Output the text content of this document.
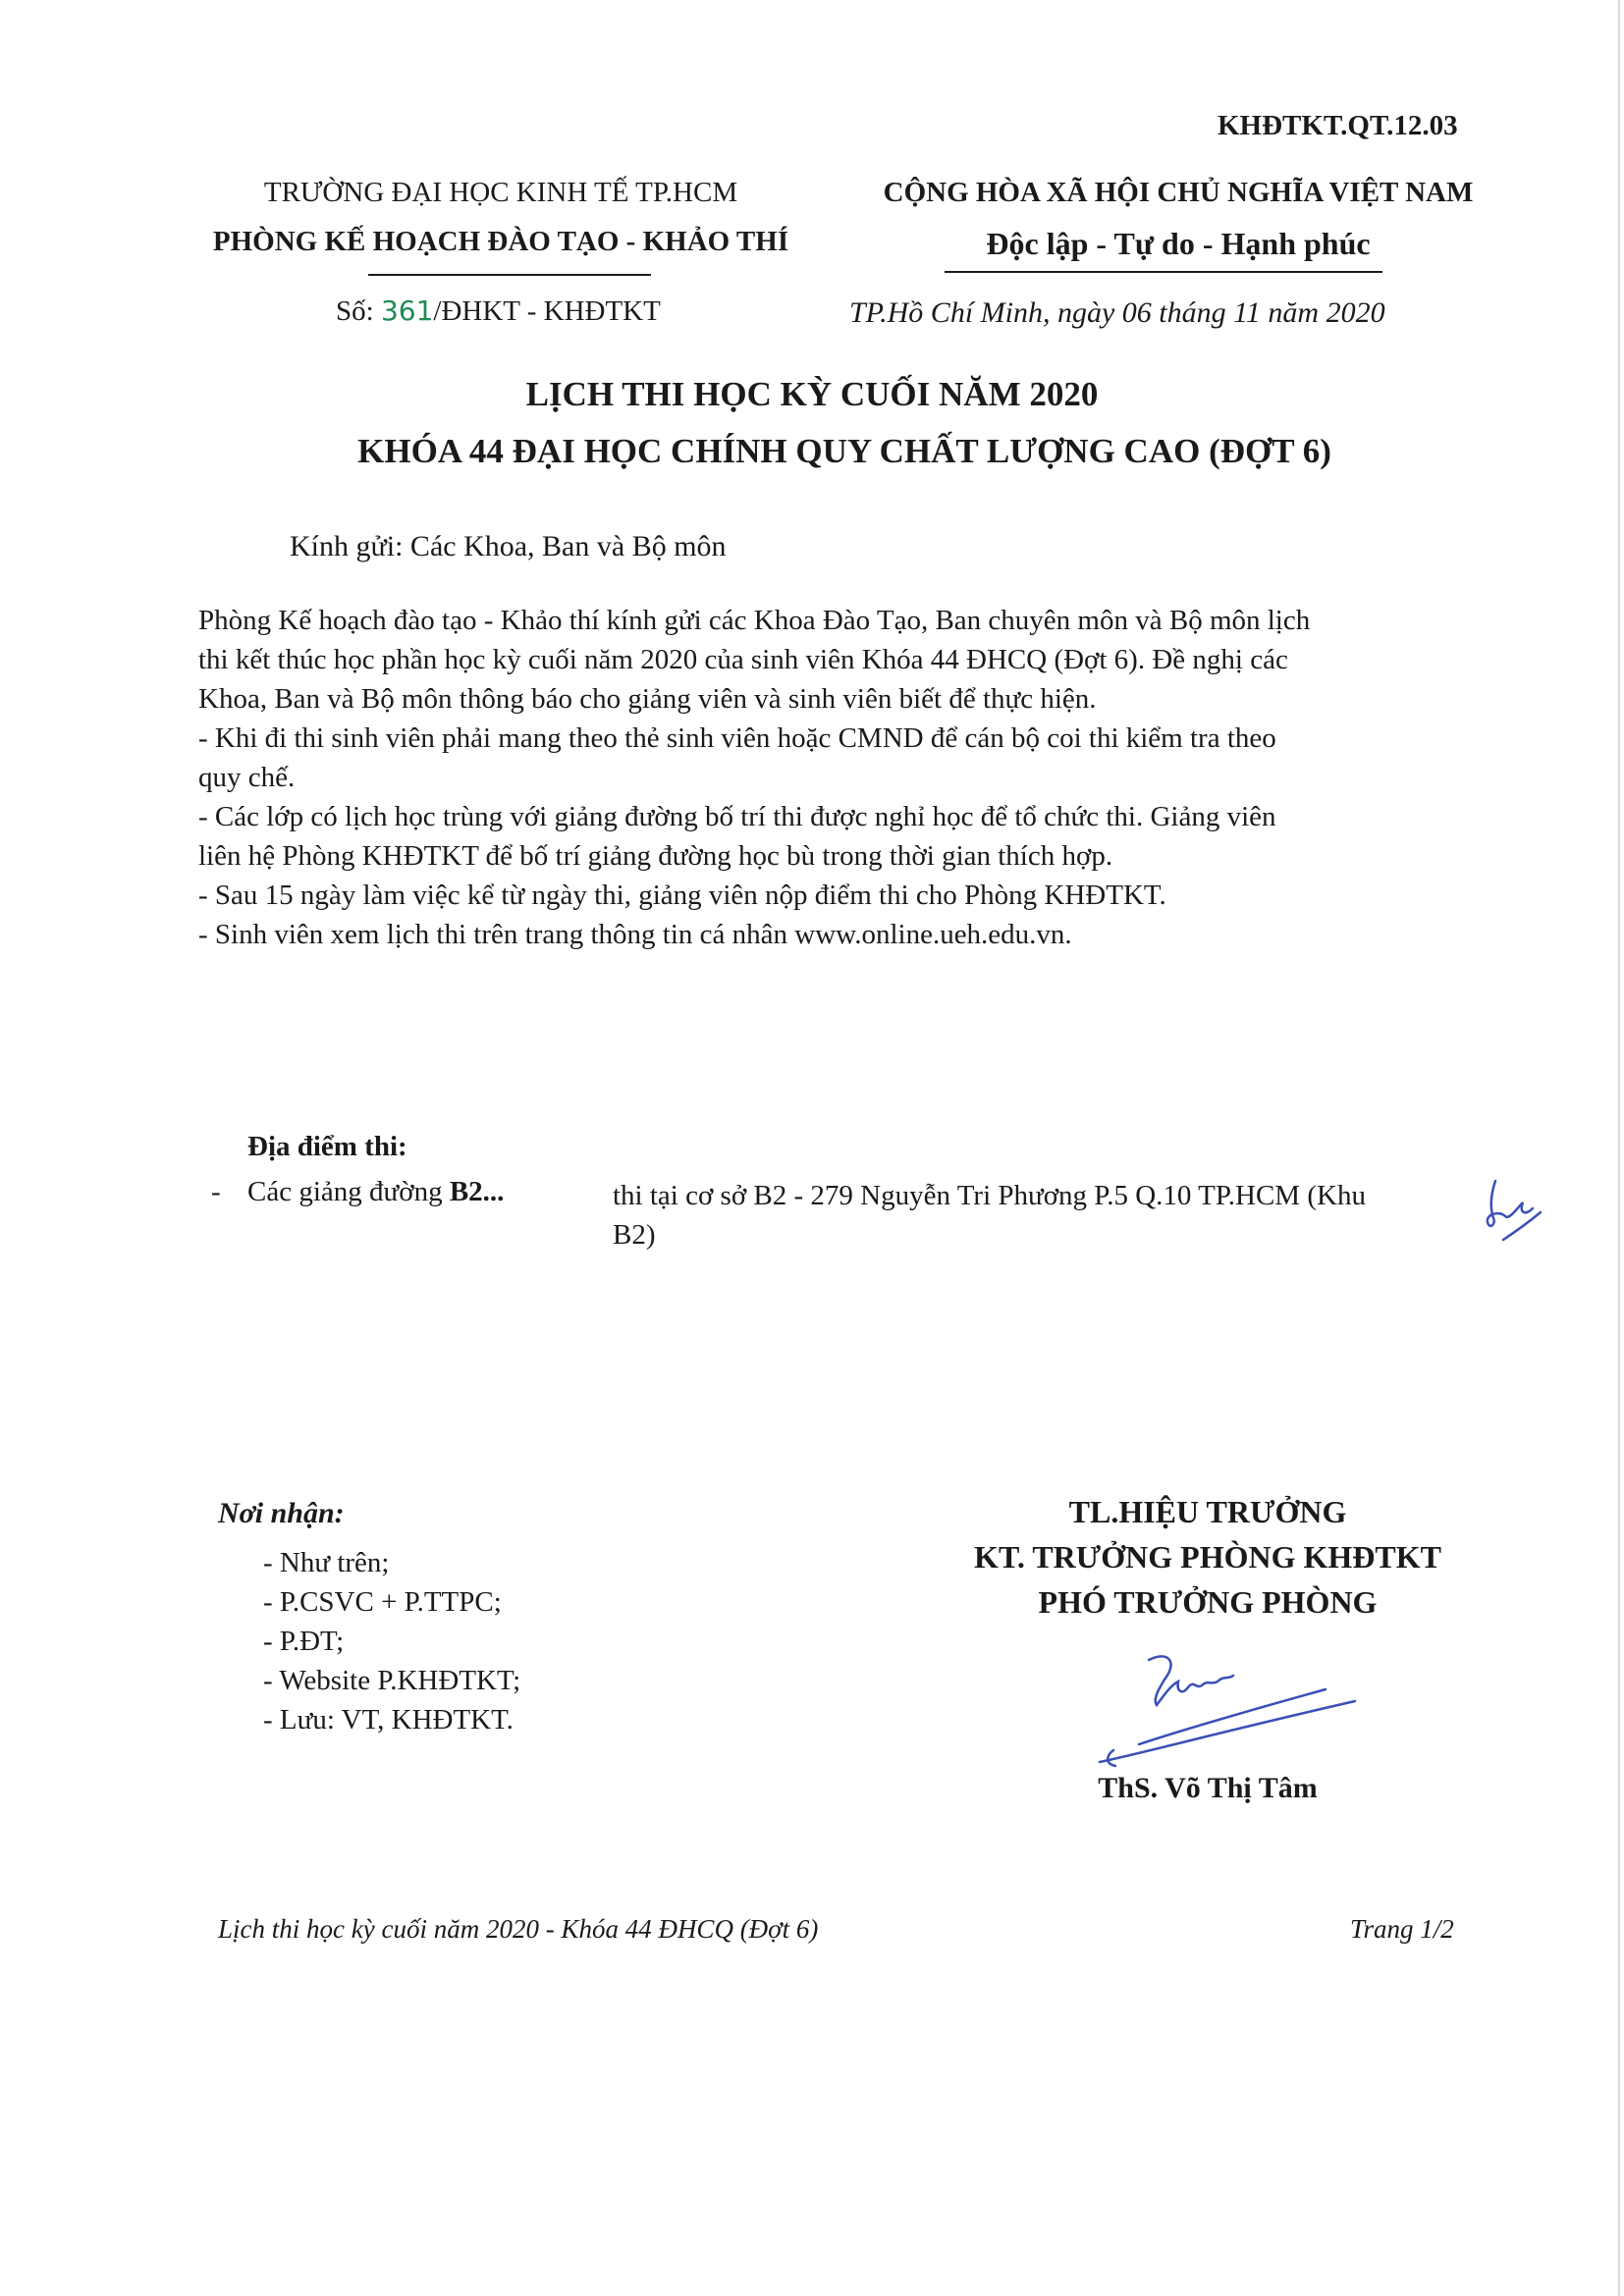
KHĐTKT.QT.12.03
TRƯỜNG ĐẠI HỌC KINH TẾ TP.HCM
PHÒNG KẾ HOẠCH ĐÀO TẠO - KHẢO THÍ
Số: 361/ĐHKT - KHĐTKT
CỘNG HÒA XÃ HỘI CHỦ NGHĨA VIỆT NAM
Độc lập - Tự do - Hạnh phúc
TP.Hồ Chí Minh, ngày 06 tháng 11 năm 2020
LỊCH THI HỌC KỲ CUỐI NĂM 2020
KHÓA 44 ĐẠI HỌC CHÍNH QUY CHẤT LƯỢNG CAO (ĐỢT 6)
Kính gửi: Các Khoa, Ban và Bộ môn
Phòng Kế hoạch đào tạo - Khảo thí kính gửi các Khoa Đào Tạo, Ban chuyên môn và Bộ môn lịch
thi kết thúc học phần học kỳ cuối năm 2020 của sinh viên Khóa 44 ĐHCQ (Đợt 6). Đề nghị các
Khoa, Ban và Bộ môn thông báo cho giảng viên và sinh viên biết để thực hiện.
- Khi đi thi sinh viên phải mang theo thẻ sinh viên hoặc CMND để cán bộ coi thi kiểm tra theo
quy chế.
- Các lớp có lịch học trùng với giảng đường bố trí thi được nghỉ học để tổ chức thi. Giảng viên
liên hệ Phòng KHĐTKT để bố trí giảng đường học bù trong thời gian thích hợp.
- Sau 15 ngày làm việc kể từ ngày thi, giảng viên nộp điểm thi cho Phòng KHĐTKT.
- Sinh viên xem lịch thi trên trang thông tin cá nhân www.online.ueh.edu.vn.
Địa điểm thi:
- Các giảng đường B2...	thi tại cơ sở B2 - 279 Nguyễn Tri Phương P.5 Q.10 TP.HCM (Khu
B2)
Nơi nhận:
- Như trên;
- P.CSVC + P.TTPC;
- P.ĐT;
- Website P.KHĐTKT;
- Lưu: VT, KHĐTKT.
TL.HIỆU TRƯỞNG
KT. TRƯỞNG PHÒNG KHĐTKT
PHÓ TRƯỞNG PHÒNG
ThS. Võ Thị Tâm
Lịch thi học kỳ cuối năm 2020 - Khóa 44 ĐHCQ (Đợt 6)	Trang 1/2
